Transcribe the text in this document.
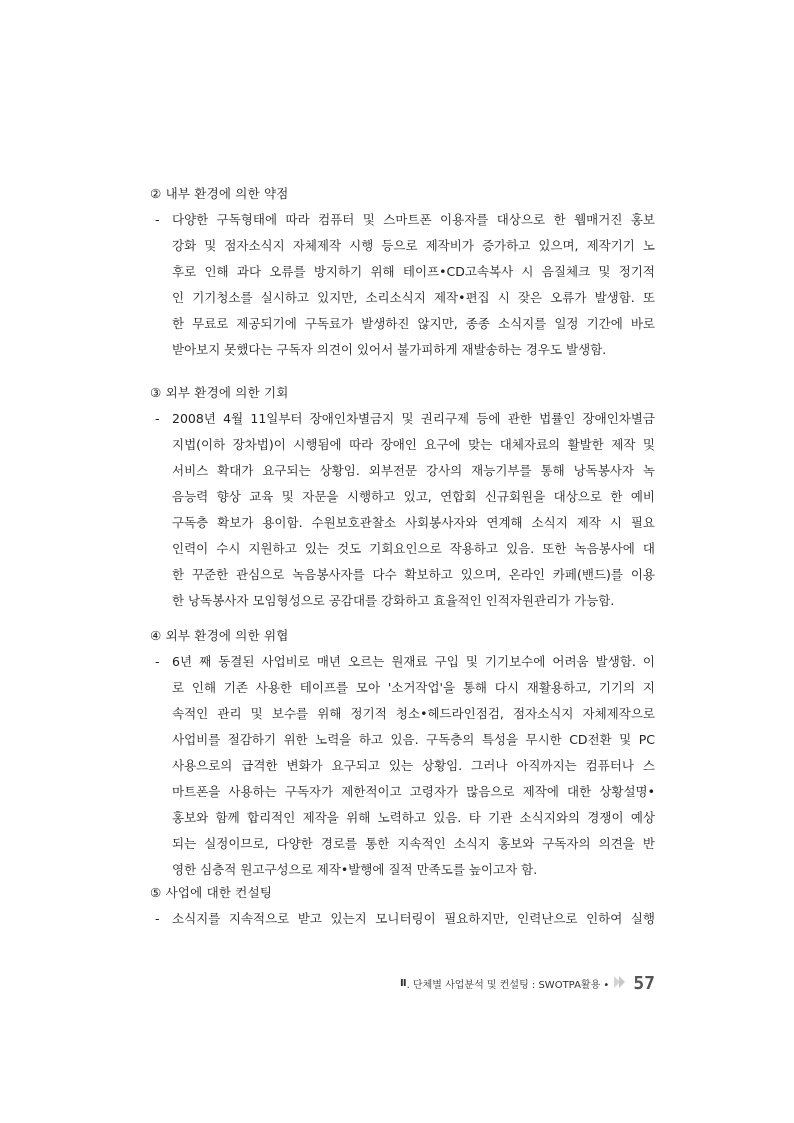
② 내부 환경에 의한 약점
- 다양한 구독형태에 따라 컴퓨터 및 스마트폰 이용자를 대상으로 한 웹매거진 홍보
강화 및 점자소식지 자체제작 시행 등으로 제작비가 증가하고 있으며, 제작기기 노
후로 인해 과다 오류를 방지하기 위해 테이프•CD고속복사 시 음질체크 및 정기적
인 기기청소를 실시하고 있지만, 소리소식지 제작•편집 시 잦은 오류가 발생함. 또
한 무료로 제공되기에 구독료가 발생하진 않지만, 종종 소식지를 일정 기간에 바로
받아보지 못했다는 구독자 의견이 있어서 불가피하게 재발송하는 경우도 발생함.
③ 외부 환경에 의한 기회
- 2008년 4월 11일부터 장애인차별금지 및 권리구제 등에 관한 법률인 장애인차별금
지법(이하 장차법)이 시행됨에 따라 장애인 요구에 맞는 대체자료의 활발한 제작 및
서비스 확대가 요구되는 상황임. 외부전문 강사의 재능기부를 통해 낭독봉사자 녹
음능력 향상 교육 및 자문을 시행하고 있고, 연합회 신규회원을 대상으로 한 예비
구독층 확보가 용이함. 수원보호관찰소 사회봉사자와 연계해 소식지 제작 시 필요
인력이 수시 지원하고 있는 것도 기회요인으로 작용하고 있음. 또한 녹음봉사에 대
한 꾸준한 관심으로 녹음봉사자를 다수 확보하고 있으며, 온라인 카페(밴드)를 이용
한 낭독봉사자 모임형성으로 공감대를 강화하고 효율적인 인적자원관리가 가능함.
④ 외부 환경에 의한 위협
- 6년 째 동결된 사업비로 매년 오르는 원재료 구입 및 기기보수에 어려움 발생함. 이
로 인해 기존 사용한 테이프를 모아 '소거작업'을 통해 다시 재활용하고, 기기의 지
속적인 관리 및 보수를 위해 정기적 청소•헤드라인점검, 점자소식지 자체제작으로
사업비를 절감하기 위한 노력을 하고 있음. 구독층의 특성을 무시한 CD전환 및 PC
사용으로의 급격한 변화가 요구되고 있는 상황임. 그러나 아직까지는 컴퓨터나 스
마트폰을 사용하는 구독자가 제한적이고 고령자가 많음으로 제작에 대한 상황설명•
홍보와 함께 합리적인 제작을 위해 노력하고 있음. 타 기관 소식지와의 경쟁이 예상
되는 실정이므로, 다양한 경로를 통한 지속적인 소식지 홍보와 구독자의 의견을 반
영한 심층적 원고구성으로 제작•발행에 질적 만족도를 높이고자 함.
⑤ 사업에 대한 컨설팅
- 소식지를 지속적으로 받고 있는지 모니터링이 필요하지만, 인력난으로 인하여 실행
Ⅱ . 단체별 사업분석 및 컨설팅 : SWOTPA활용 • 57
